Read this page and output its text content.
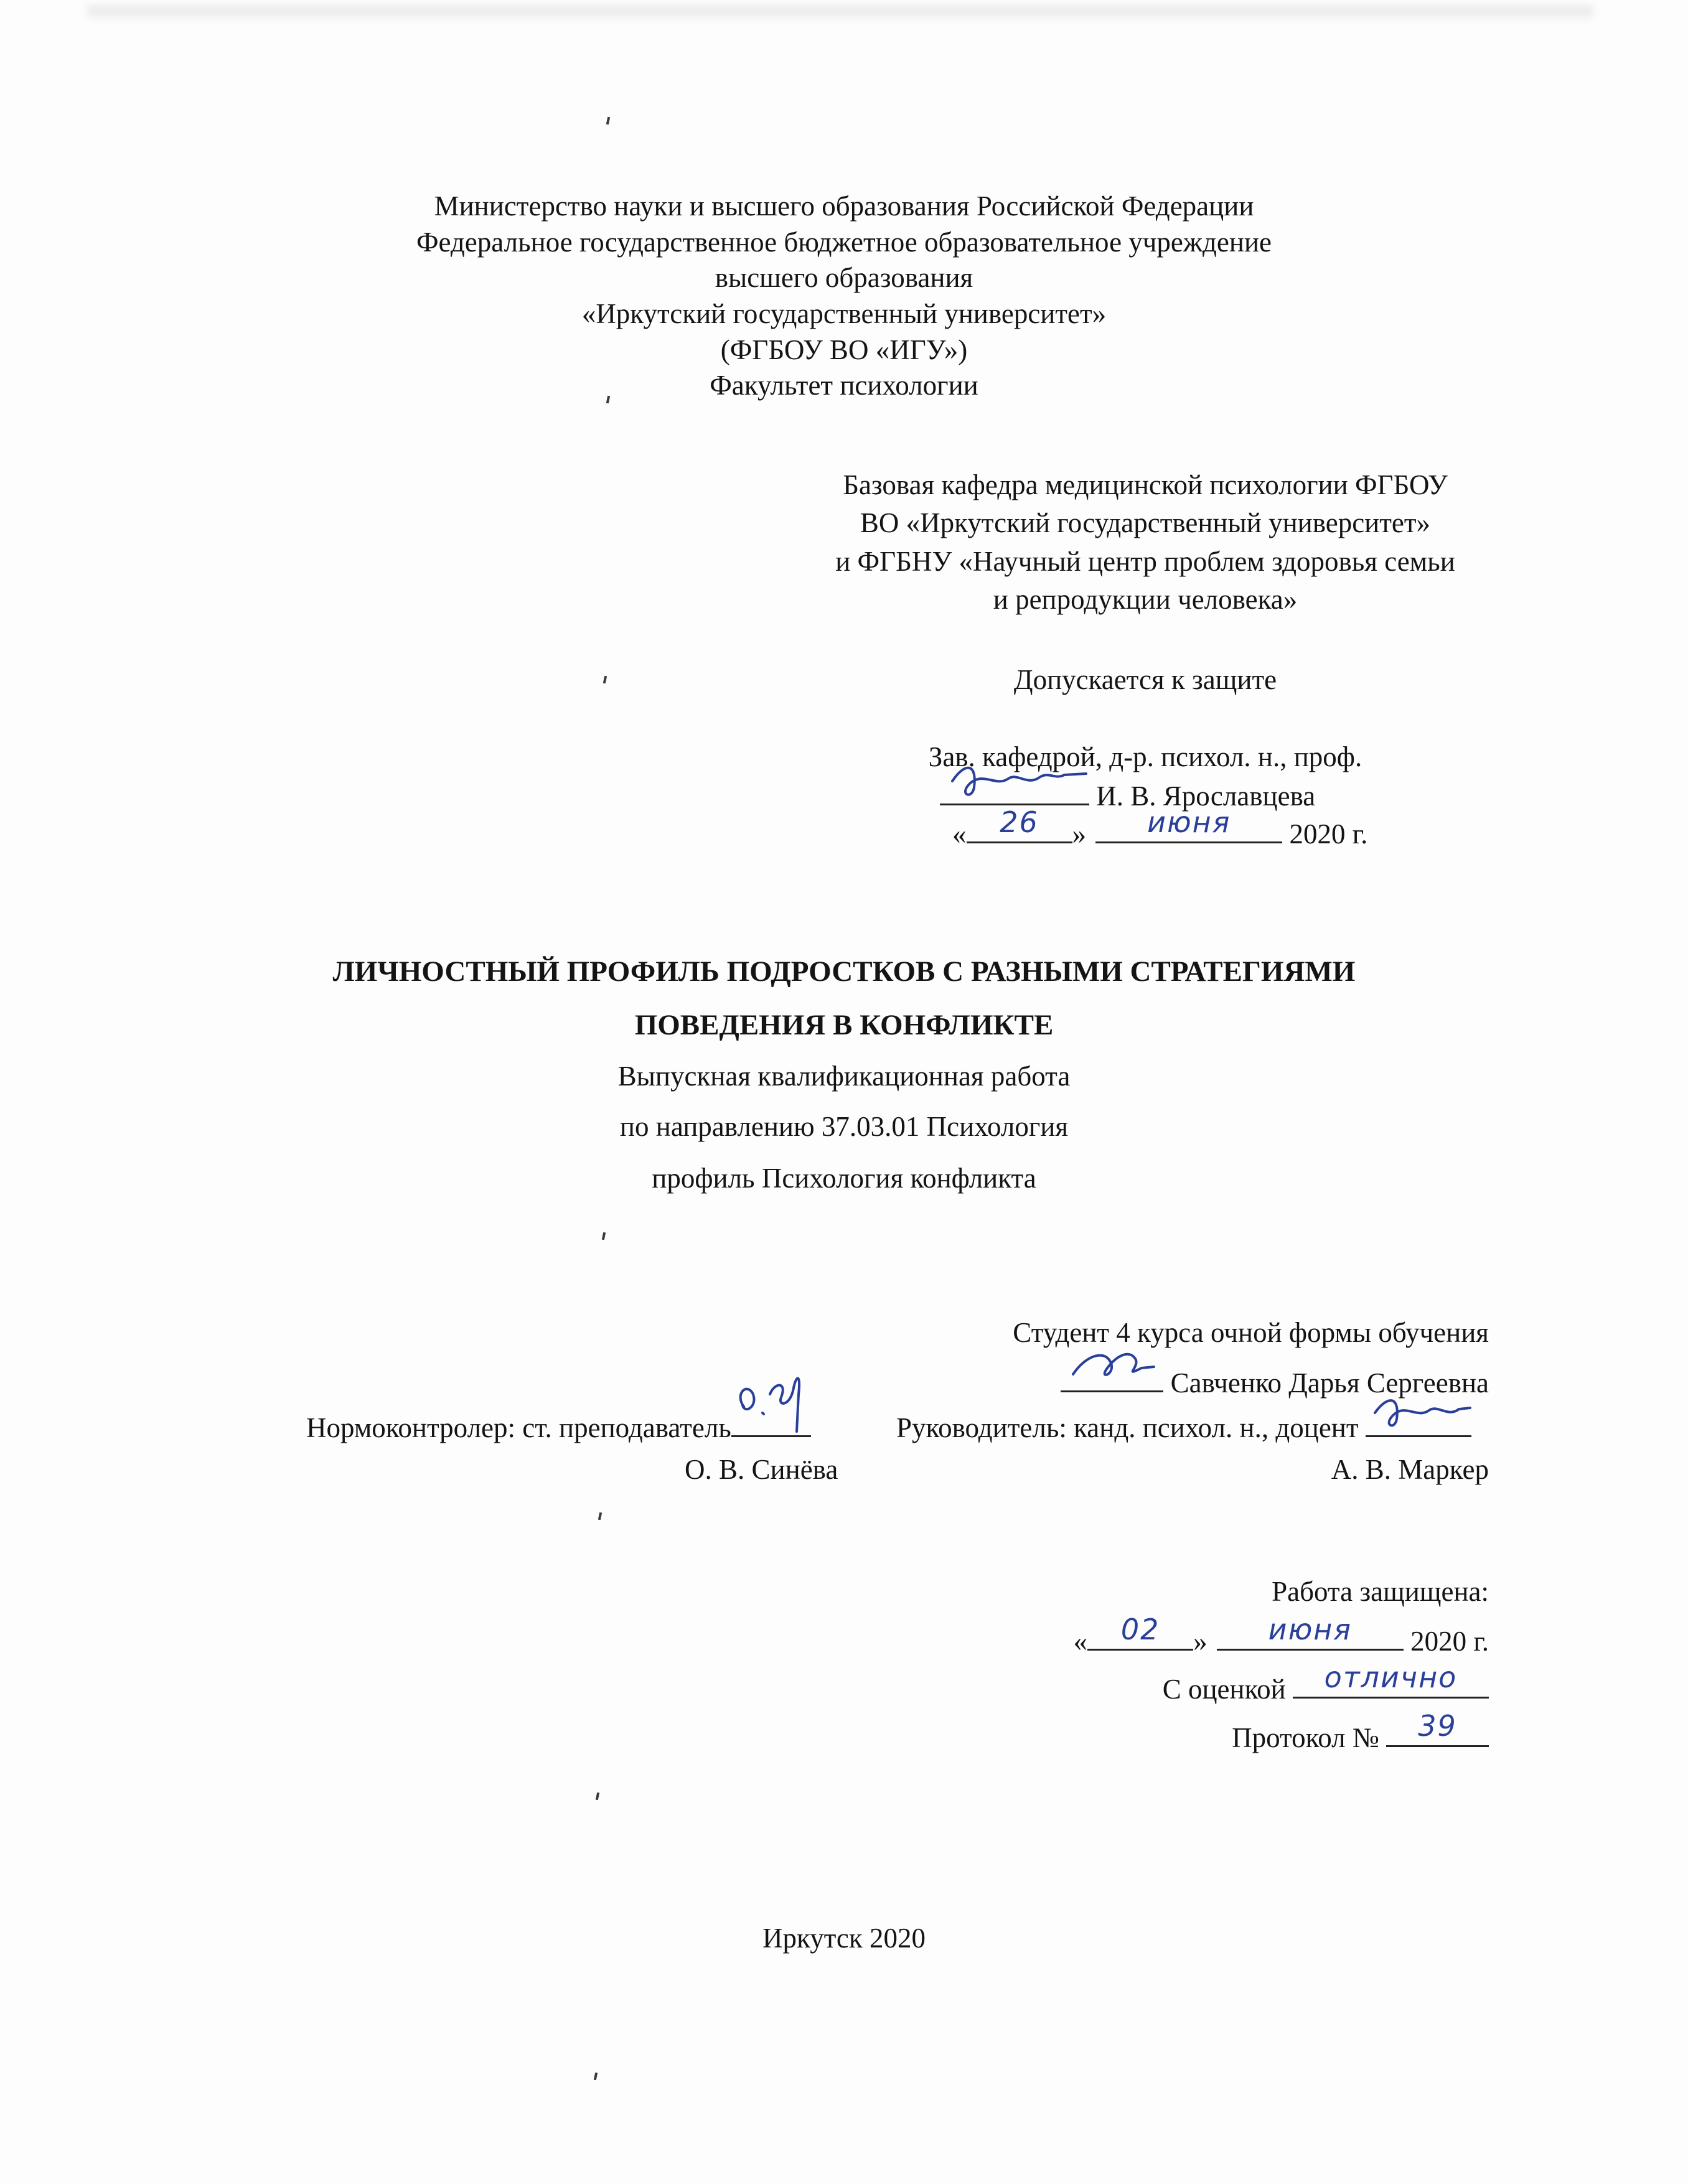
Министерство науки и высшего образования Российской Федерации
Федеральное государственное бюджетное образовательное учреждение
высшего образования
«Иркутский государственный университет»
(ФГБОУ ВО «ИГУ»)
Факультет психологии
Базовая кафедра медицинской психологии ФГБОУ
ВО «Иркутский государственный университет»
и ФГБНУ «Научный центр проблем здоровья семьи
и репродукции человека»
Допускается к защите
Зав. кафедрой, д-р. психол. н., проф.
И. В. Ярославцева
«	26	»	июня	2020 г.
ЛИЧНОСТНЫЙ ПРОФИЛЬ ПОДРОСТКОВ С РАЗНЫМИ СТРАТЕГИЯМИ
ПОВЕДЕНИЯ В КОНФЛИКТЕ
Выпускная квалификационная работа
по направлению 37.03.01 Психология
профиль Психология конфликта
Студент 4 курса очной формы обучения
Савченко Дарья Сергеевна
Нормоконтролер: ст. преподаватель	Руководитель: канд. психол. н., доцент
О. В. Синёва	А. В. Маркер
Работа защищена:
«	02	»	июня	2020 г.
С оценкой	отлично
Протокол №	39
Иркутск 2020
